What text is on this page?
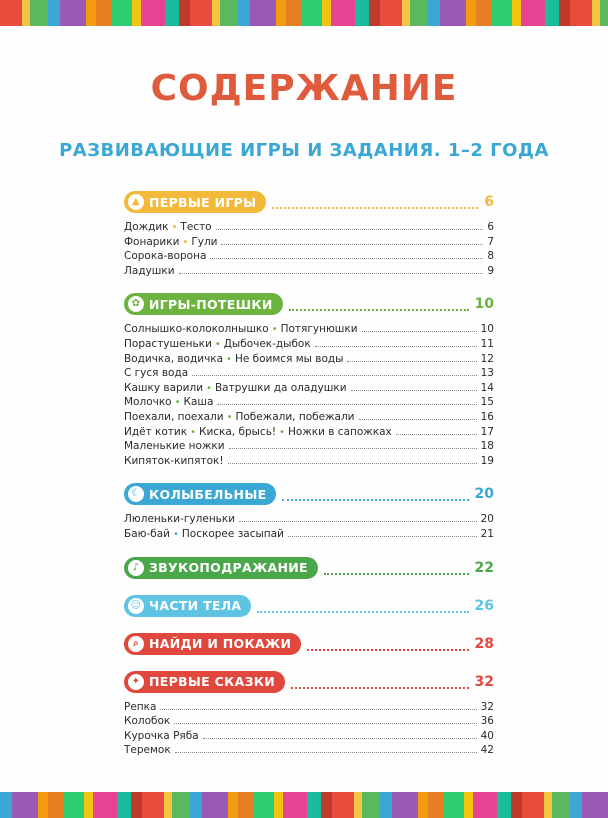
СОДЕРЖАНИЕ
РАЗВИВАЮЩИЕ ИГРЫ И ЗАДАНИЯ. 1–2 ГОДА
▲ ПЕРВЫЕ ИГРЫ	6
Дождик • Тесто	6
Фонарики • Гули	7
Сорока-ворона	8
Ладушки	9
✿ ИГРЫ-ПОТЕШКИ	10
Солнышко-колоколнышко • Потягунюшки	10
Порастушеньки • Дыбочек-дыбок	11
Водичка, водичка • Не боимся мы воды	12
С гуся вода	13
Кашку варили • Ватрушки да оладушки	14
Молочко • Каша	15
Поехали, поехали • Побежали, побежали	16
Идёт котик • Киска, брысь! • Ножки в сапожках	17
Маленькие ножки	18
Кипяток-кипяток!	19
☾ КОЛЫБЕЛЬНЫЕ	20
Люленьки-гуленьки	20
Баю-бай • Поскорее засыпай	21
♪ ЗВУКОПОДРАЖАНИЕ	22
☺ ЧАСТИ ТЕЛА	26
⌕ НАЙДИ И ПОКАЖИ	28
✦ ПЕРВЫЕ СКАЗКИ	32
Репка	32
Колобок	36
Курочка Ряба	40
Теремок	42
